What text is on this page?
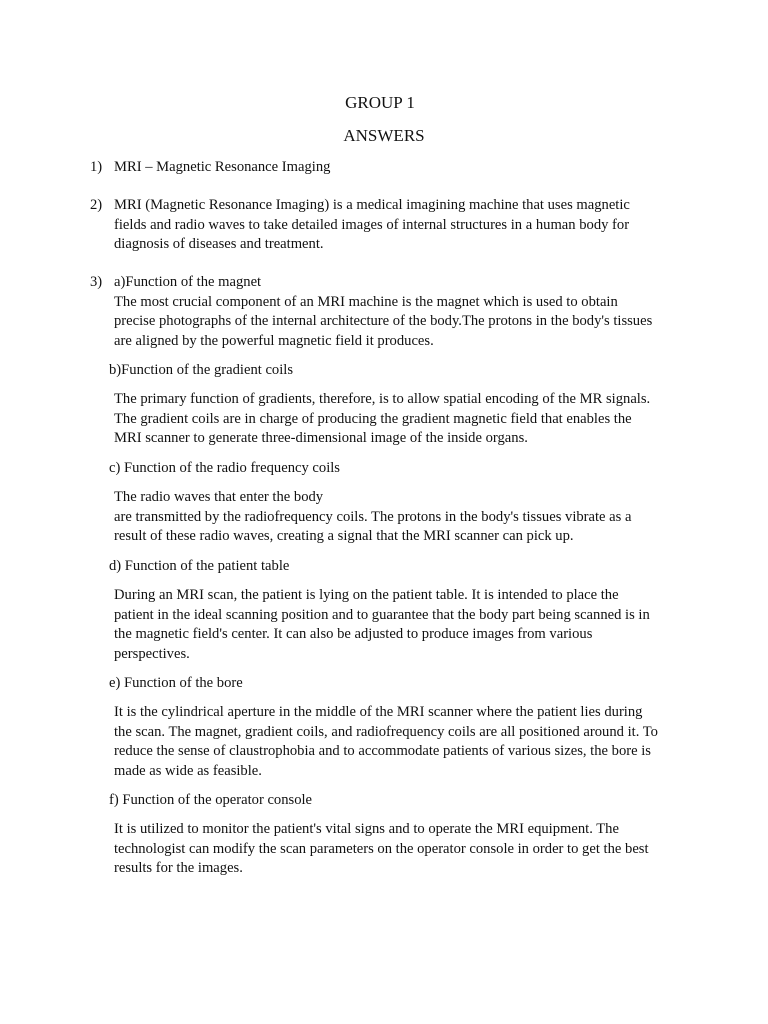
GROUP 1
ANSWERS
1) MRI – Magnetic Resonance Imaging
2) MRI (Magnetic Resonance Imaging) is a medical imagining machine that uses magnetic
fields and radio waves to take detailed images of internal structures in a human body for
diagnosis of diseases and treatment.
3) a)Function of the magnet
The most crucial component of an MRI machine is the magnet which is used to obtain
precise photographs of the internal architecture of the body.The protons in the body's tissues
are aligned by the powerful magnetic field it produces.
b)Function of the gradient coils
The primary function of gradients, therefore, is to allow spatial encoding of the MR signals.
The gradient coils are in charge of producing the gradient magnetic field that enables the
MRI scanner to generate three-dimensional image of the inside organs.
c) Function of the radio frequency coils
The radio waves that enter the body
are transmitted by the radiofrequency coils. The protons in the body's tissues vibrate as a
result of these radio waves, creating a signal that the MRI scanner can pick up.
d) Function of the patient table
During an MRI scan, the patient is lying on the patient table. It is intended to place the
patient in the ideal scanning position and to guarantee that the body part being scanned is in
the magnetic field's center. It can also be adjusted to produce images from various
perspectives.
e) Function of the bore
It is the cylindrical aperture in the middle of the MRI scanner where the patient lies during
the scan. The magnet, gradient coils, and radiofrequency coils are all positioned around it. To
reduce the sense of claustrophobia and to accommodate patients of various sizes, the bore is
made as wide as feasible.
f) Function of the operator console
It is utilized to monitor the patient's vital signs and to operate the MRI equipment. The
technologist can modify the scan parameters on the operator console in order to get the best
results for the images.
